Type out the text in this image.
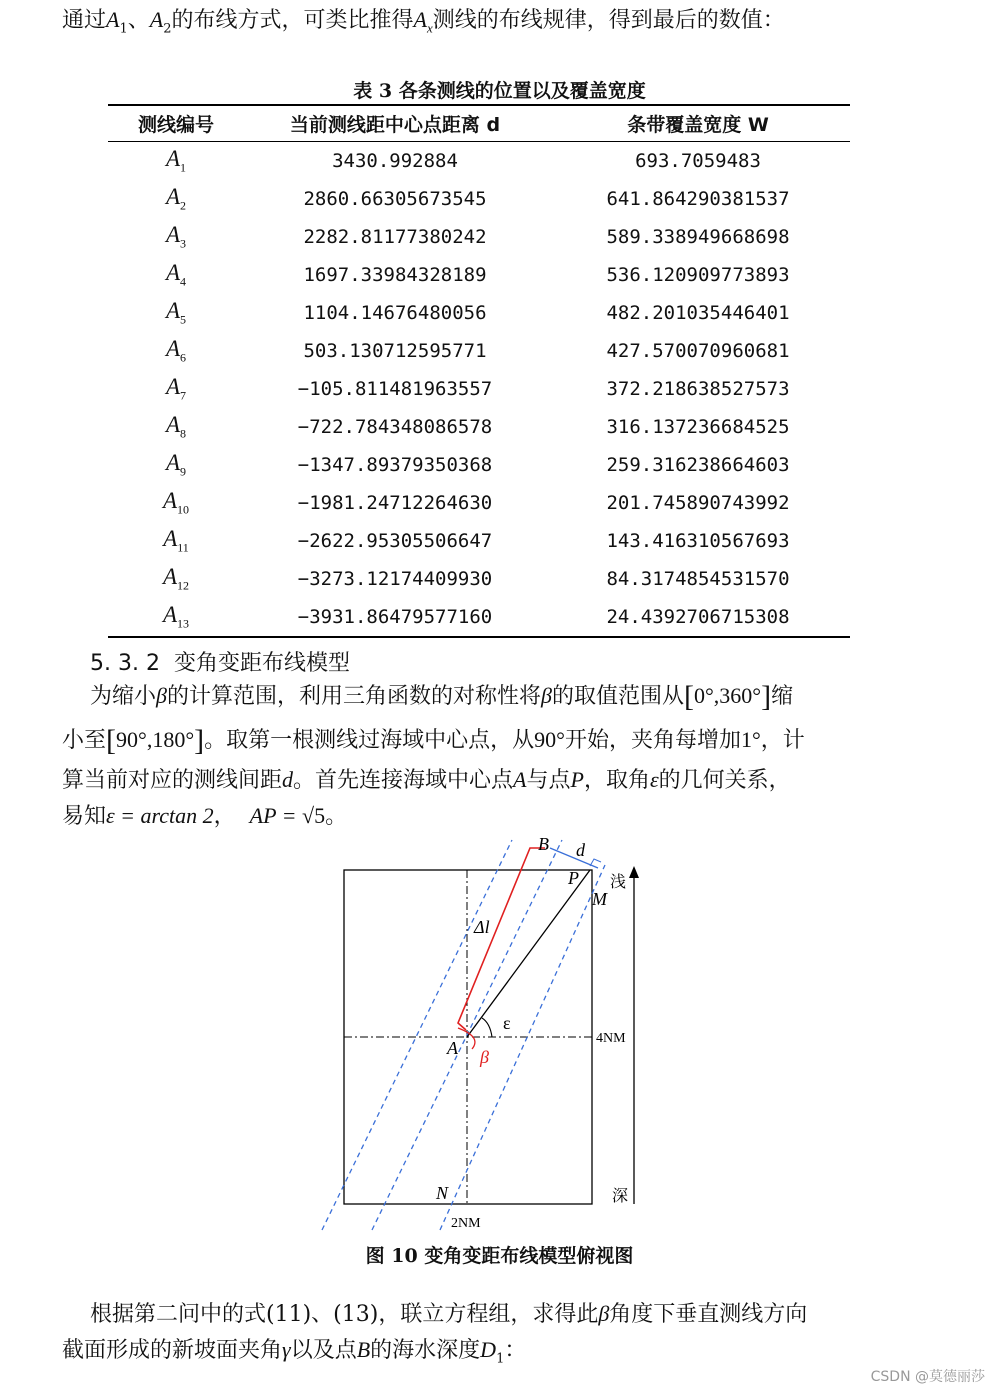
通过$A_1$、$A_2$的布线方式，可类比推得$A_x$测线的布线规律，得到最后的数值：
表 3 各条测线的位置以及覆盖宽度
测线编号	当前测线距中心点距离 d	条带覆盖宽度 W
$A_1$	3430.992884	693.7059483
$A_2$	2860.66305673545	641.864290381537
$A_3$	2282.81177380242	589.338949668698
$A_4$	1697.33984328189	536.120909773893
$A_5$	1104.14676480056	482.201035446401
$A_6$	503.130712595771	427.570070960681
$A_7$	−105.811481963557	372.218638527573
$A_8$	−722.784348086578	316.137236684525
$A_9$	−1347.89379350368	259.316238664603
$A_{10}$	−1981.24712264630	201.745890743992
$A_{11}$	−2622.95305506647	143.416310567693
$A_{12}$	−3273.12174409930	84.3174854531570
$A_{13}$	−3931.86479577160	24.4392706715308
5. 3. 2 变角变距布线模型
为缩小β的计算范围，利用三角函数的对称性将β的取值范围从[0°,360°]缩
小至[90°,180°]。取第一根测线过海域中心点，从90°开始，夹角每增加1°，计
算当前对应的测线间距d。首先连接海域中心点A与点P，取角ε的几何关系，
易知ε = arctan 2， AP = √5。
B d
P
M
浅
Δl
ε
A β
4NM
N	深
2NM
图 10 变角变距布线模型俯视图
根据第二问中的式(11)、(13)，联立方程组，求得此β角度下垂直测线方向
截面形成的新坡面夹角γ以及点B的海水深度$D_1$：
CSDN @莫德丽莎
